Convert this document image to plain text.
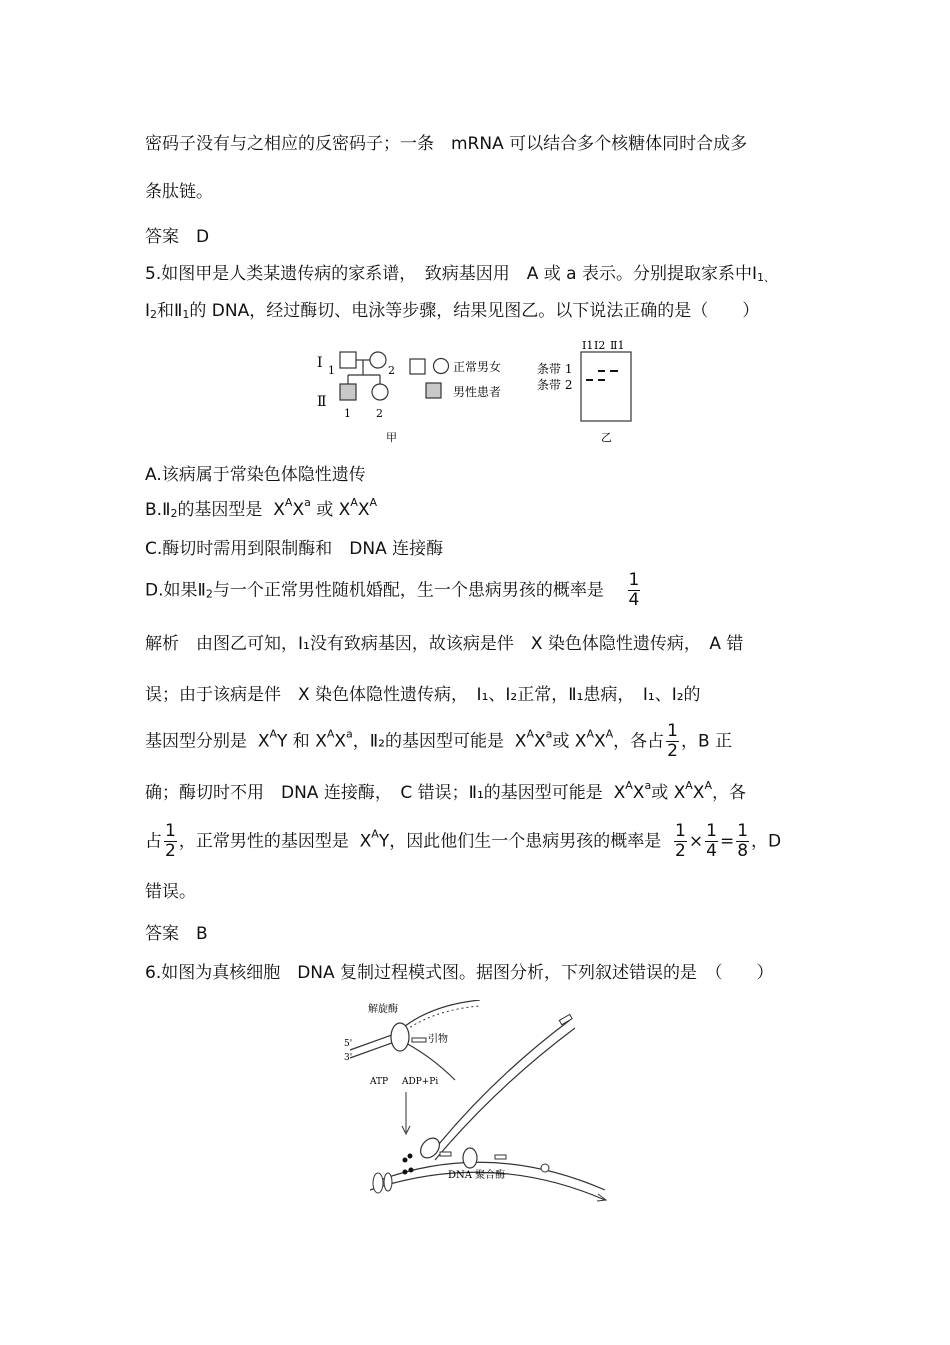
密码子没有与之相应的反密码子；一条　mRNA 可以结合多个核糖体同时合成多
条肽链。
答案　D
5.如图甲是人类某遗传病的家系谱，　致病基因用　A 或 a 表示。分别提取家系中$Ⅰ_{1、}$
$Ⅰ_2$和$Ⅱ_1$的 DNA，经过酶切、电泳等步骤，结果见图乙。以下说法正确的是（　　）
Ⅰ
Ⅱ
2
1
1 2
正常男女
男性患者
甲
Ⅰ1 Ⅰ2 Ⅱ1
条带 1
条带 2
乙
A.该病属于常染色体隐性遗传
$B.Ⅱ_2$的基因型是 $X^AX^a$ 或 $X^AX^A$
C.酶切时需用到限制酶和　DNA 连接酶
D.如果$Ⅱ_2$与一个正常男性随机婚配，生一个患病男孩的概率是 $\frac{1}{4}$
解析　由图乙可知，Ⅰ₁没有致病基因，故该病是伴　X 染色体隐性遗传病，　A 错
误；由于该病是伴　X 染色体隐性遗传病，　Ⅰ₁、Ⅰ₂正常，Ⅱ₁患病，　Ⅰ₁、Ⅰ₂的
基因型分别是 $X^AY$ 和 $X^AX^a$，Ⅱ₂的基因型可能是 $X^AX^a$或 $X^AX^A$，各占 $\frac{1}{2}$ ，B 正
确；酶切时不用　DNA 连接酶，　C 错误；Ⅱ₁的基因型可能是 $X^AX^a$或 $X^AX^A$，各
占 $\frac{1}{2}$ ，正常男性的基因型是 $X^AY$，因此他们生一个患病男孩的概率是 $\frac{1}{2} \times \frac{1}{4} = \frac{1}{8}$ ，D
错误。
答案　B
6.如图为真核细胞　DNA 复制过程模式图。据图分析，下列叙述错误的是　（　　）
解旋酶
引物
5'
3'
ATP ADP+Pi
DNA 聚合酶
